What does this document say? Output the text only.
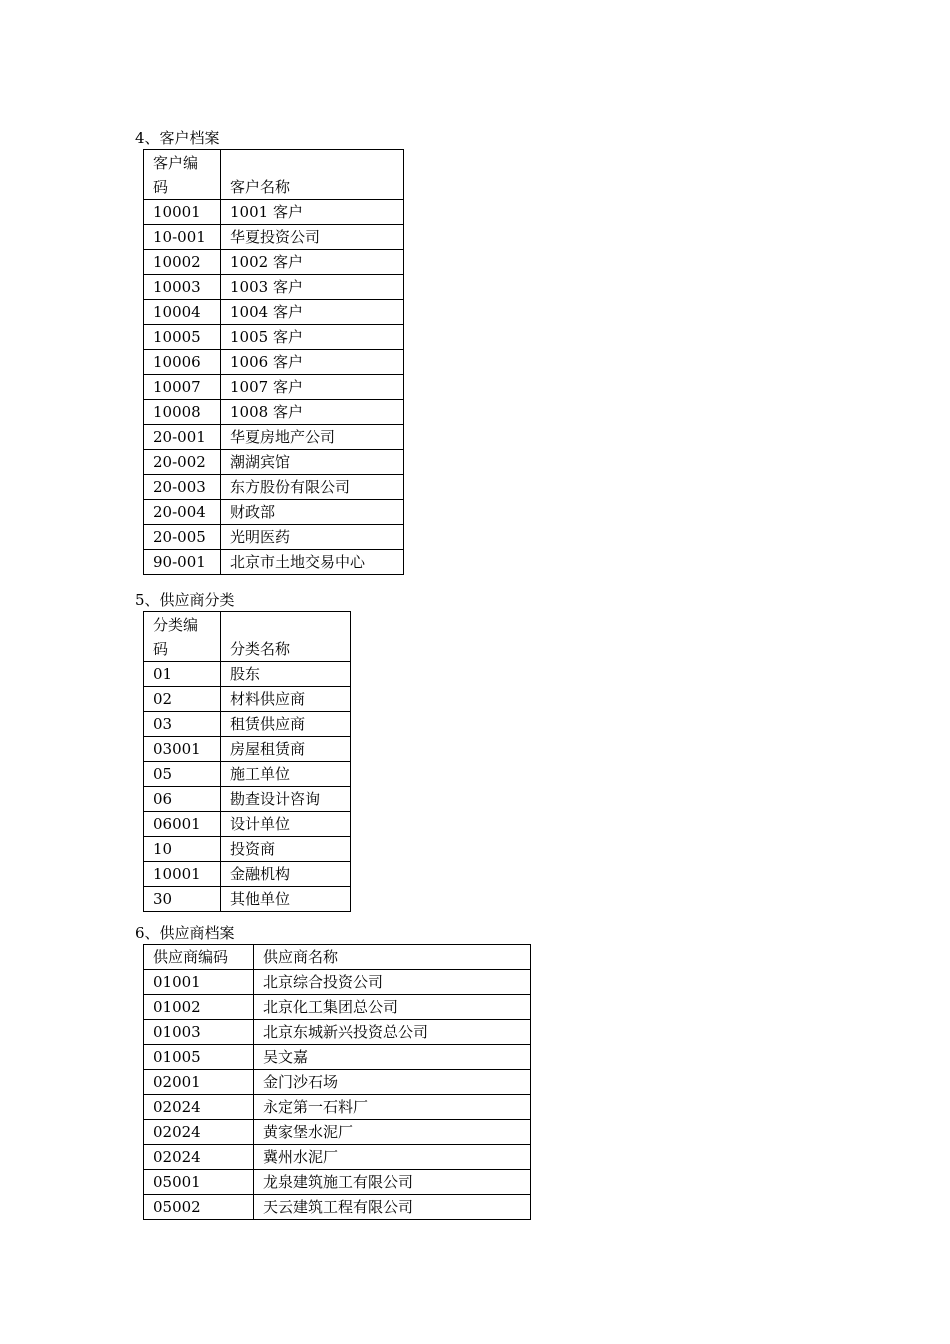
4、客户档案
客户编
码	客户名称
10001	1001 客户
10-001	华夏投资公司
10002	1002 客户
10003	1003 客户
10004	1004 客户
10005	1005 客户
10006	1006 客户
10007	1007 客户
10008	1008 客户
20-001	华夏房地产公司
20-002	潮湖宾馆
20-003	东方股份有限公司
20-004	财政部
20-005	光明医药
90-001	北京市土地交易中心
5、供应商分类
分类编
码	分类名称
01	股东
02	材料供应商
03	租赁供应商
03001	房屋租赁商
05	施工单位
06	勘查设计咨询
06001	设计单位
10	投资商
10001	金融机构
30	其他单位
6、供应商档案
供应商编码	供应商名称
01001	北京综合投资公司
01002	北京化工集团总公司
01003	北京东城新兴投资总公司
01005	吴文嘉
02001	金门沙石场
02024	永定第一石料厂
02024	黄家堡水泥厂
02024	冀州水泥厂
05001	龙泉建筑施工有限公司
05002	天云建筑工程有限公司
